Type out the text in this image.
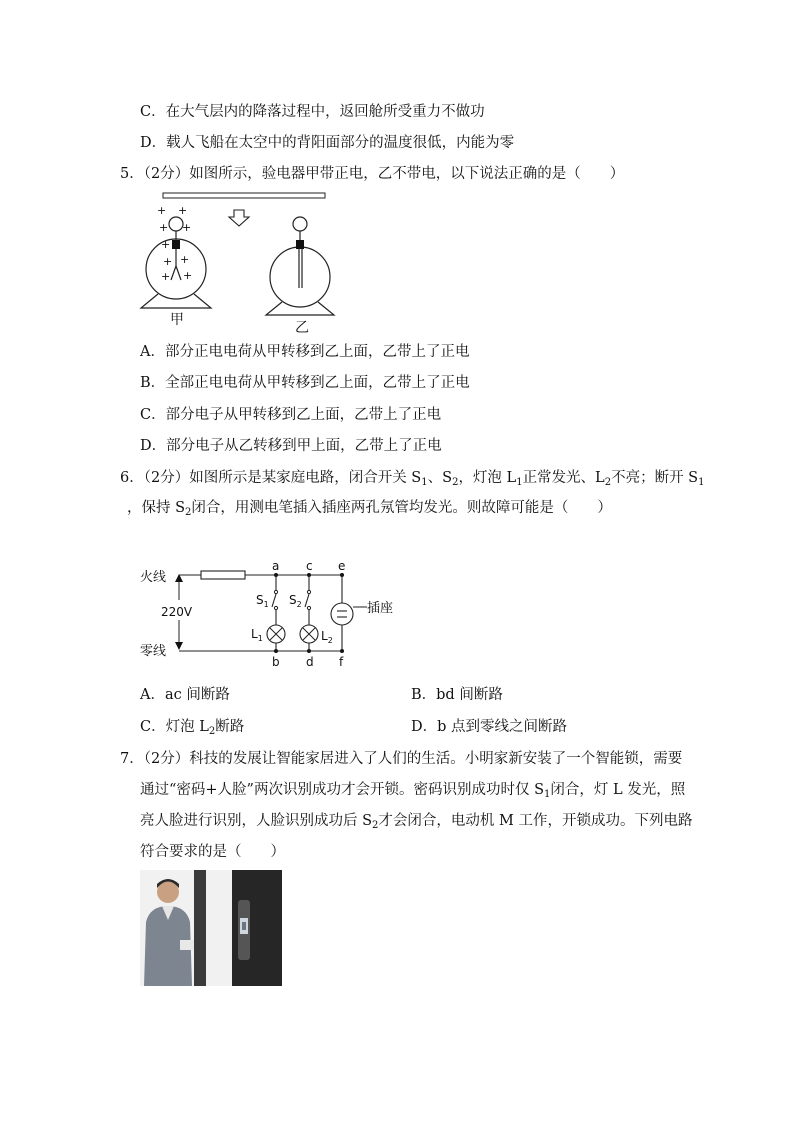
C．在大气层内的降落过程中，返回舱所受重力不做功
D．载人飞船在太空中的背阳面部分的温度很低，内能为零
5．（2分）如图所示，验电器甲带正电，乙不带电，以下说法正确的是（　　）
+ +
+ +
+
+ +
+ +
甲	乙
A．部分正电电荷从甲转移到乙上面，乙带上了正电
B．全部正电电荷从甲转移到乙上面，乙带上了正电
C．部分电子从甲转移到乙上面，乙带上了正电
D．部分电子从乙转移到甲上面，乙带上了正电
6．（2分）如图所示是某家庭电路，闭合开关 $S_1$、$S_2$，灯泡 $L_1$正常发光、$L_2$不亮；断开 $S_1$
，保持 $S_2$闭合，用测电笔插入插座两孔氖管均发光。则故障可能是（　　）
火线
零线
220V
a c e
b d f
$S_1$
$L_1$
$S_2$
$L_2$
插座
A．ac 间断路	B．bd 间断路
C．灯泡 $L_2$断路	D．b 点到零线之间断路
7．（2分）科技的发展让智能家居进入了人们的生活。小明家新安装了一个智能锁，需要
通过“密码+人脸”两次识别成功才会开锁。密码识别成功时仅 $S_1$闭合，灯 L 发光，照
亮人脸进行识别，人脸识别成功后 $S_2$才会闭合，电动机 M 工作，开锁成功。下列电路
符合要求的是（　　）
